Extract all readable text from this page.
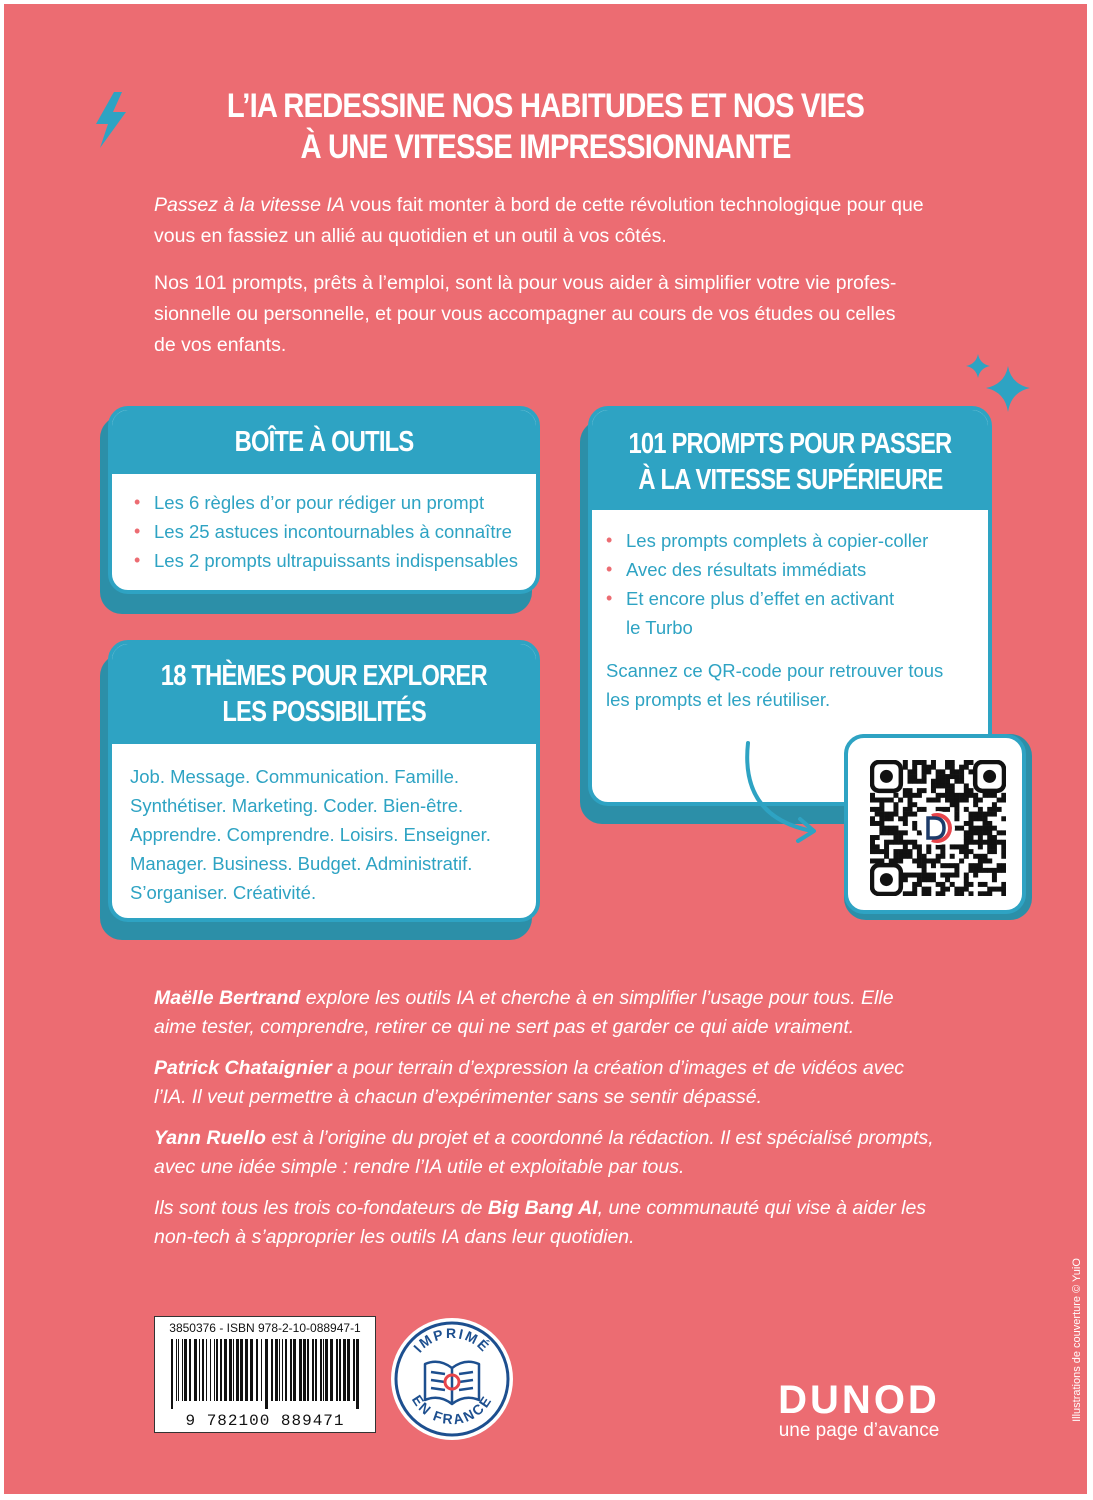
L’IA REDESSINE NOS HABITUDES ET NOS VIES
À UNE VITESSE IMPRESSIONNANTE
Passez à la vitesse IA vous fait monter à bord de cette révolution technologique pour que
vous en fassiez un allié au quotidien et un outil à vos côtés.
Nos 101 prompts, prêts à l’emploi, sont là pour vous aider à simplifier votre vie profes-
sionnelle ou personnelle, et pour vous accompagner au cours de vos études ou celles
de vos enfants.
BOÎTE À OUTILS
• Les 6 règles d’or pour rédiger un prompt
• Les 25 astuces incontournables à connaître
• Les 2 prompts ultrapuissants indispensables
18 THÈMES POUR EXPLORER
LES POSSIBILITÉS
Job. Message. Communication. Famille.
Synthétiser. Marketing. Coder. Bien-être.
Apprendre. Comprendre. Loisirs. Enseigner.
Manager. Business. Budget. Administratif.
S’organiser. Créativité.
101 PROMPTS POUR PASSER
À LA VITESSE SUPÉRIEURE
• Les prompts complets à copier-coller
• Avec des résultats immédiats
• Et encore plus d’effet en activant
le Turbo
Scannez ce QR-code pour retrouver tous
les prompts et les réutiliser.

Maëlle Bertrand explore les outils IA et cherche à en simplifier l’usage pour tous. Elle
aime tester, comprendre, retirer ce qui ne sert pas et garder ce qui aide vraiment.

Patrick Chataignier a pour terrain d’expression la création d’images et de vidéos avec
l’IA. Il veut permettre à chacun d’expérimenter sans se sentir dépassé.

Yann Ruello est à l’origine du projet et a coordonné la rédaction. Il est spécialisé prompts,
avec une idée simple : rendre l’IA utile et exploitable par tous.

Ils sont tous les trois co-fondateurs de Big Bang AI, une communauté qui vise à aider les
non-tech à s’approprier les outils IA dans leur quotidien.

Illustrations de couverture © YuiO
3850376 - ISBN 978-2-10-088947-1
9 782100 889471
IMPRIMÉ
EN FRANCE	DUNOD
une page d’avance
